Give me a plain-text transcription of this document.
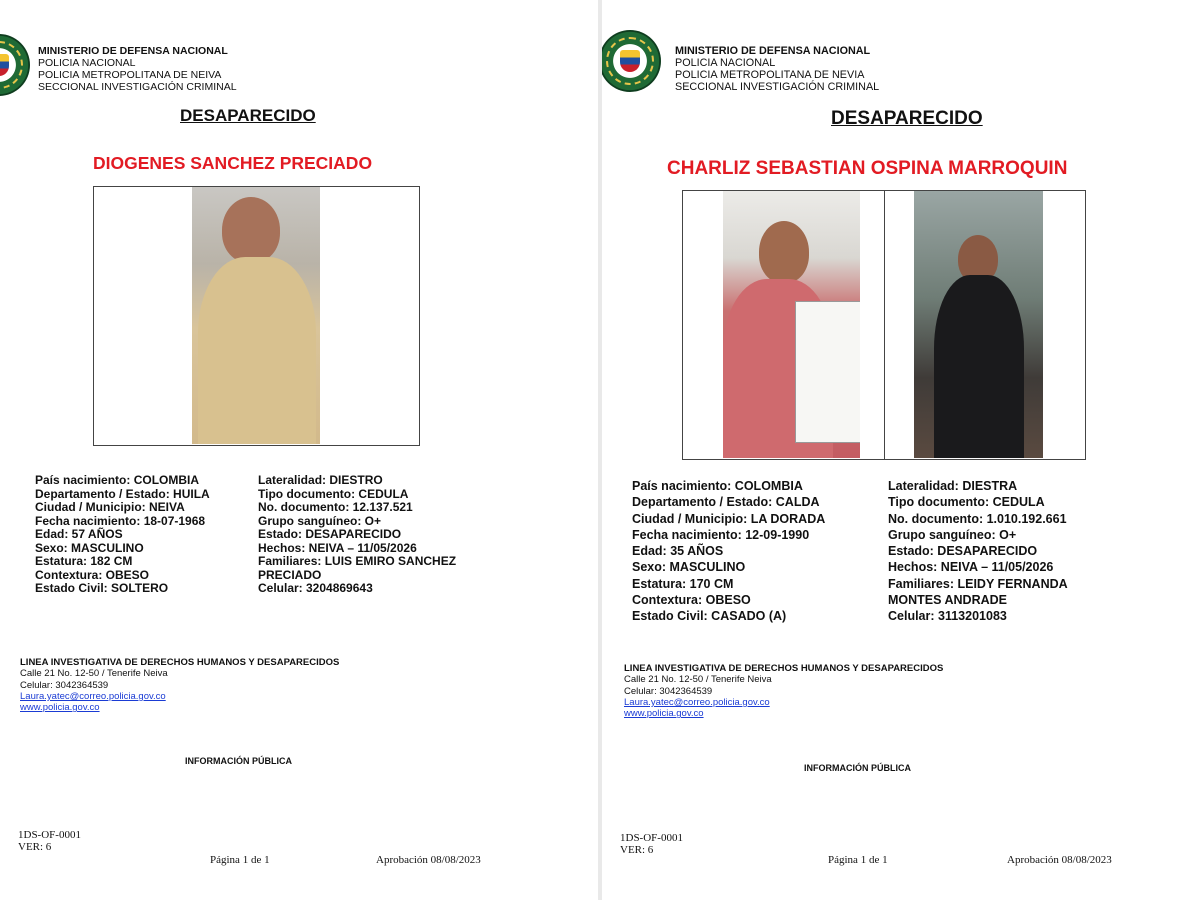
MINISTERIO DE DEFENSA NACIONAL
POLICIA NACIONAL
POLICIA METROPOLITANA DE NEIVA
SECCIONAL INVESTIGACIÓN CRIMINAL
DESAPARECIDO
DIOGENES SANCHEZ PRECIADO
País nacimiento: COLOMBIA
Departamento / Estado: HUILA
Ciudad / Municipio: NEIVA
Fecha nacimiento: 18-07-1968
Edad: 57 AÑOS
Sexo: MASCULINO
Estatura: 182 CM
Contextura: OBESO
Estado Civil: SOLTERO
Lateralidad: DIESTRO
Tipo documento: CEDULA
No. documento: 12.137.521
Grupo sanguíneo: O+
Estado: DESAPARECIDO
Hechos: NEIVA – 11/05/2026
Familiares: LUIS EMIRO SANCHEZ
PRECIADO
Celular: 3204869643
LINEA INVESTIGATIVA DE DERECHOS HUMANOS Y DESAPARECIDOS
Calle 21 No. 12-50 / Tenerife Neiva
Celular: 3042364539
Laura.yatec@correo.policia.gov.co
www.policia.gov.co
INFORMACIÓN PÚBLICA
1DS-OF-0001
VER: 6
Página 1 de 1	Aprobación 08/08/2023
MINISTERIO DE DEFENSA NACIONAL
POLICIA NACIONAL
POLICIA METROPOLITANA DE NEVIA
SECCIONAL INVESTIGACIÓN CRIMINAL
DESAPARECIDO
CHARLIZ SEBASTIAN OSPINA MARROQUIN
País nacimiento: COLOMBIA
Departamento / Estado: CALDA
Ciudad / Municipio: LA DORADA
Fecha nacimiento: 12-09-1990
Edad: 35 AÑOS
Sexo: MASCULINO
Estatura: 170 CM
Contextura: OBESO
Estado Civil: CASADO (A)
Lateralidad: DIESTRA
Tipo documento: CEDULA
No. documento: 1.010.192.661
Grupo sanguíneo: O+
Estado: DESAPARECIDO
Hechos: NEIVA – 11/05/2026
Familiares: LEIDY FERNANDA
MONTES ANDRADE
Celular: 3113201083
LINEA INVESTIGATIVA DE DERECHOS HUMANOS Y DESAPARECIDOS
Calle 21 No. 12-50 / Tenerife Neiva
Celular: 3042364539
Laura.yatec@correo.policia.gov.co
www.policia.gov.co
INFORMACIÓN PÚBLICA
1DS-OF-0001
VER: 6
Página 1 de 1	Aprobación 08/08/2023
